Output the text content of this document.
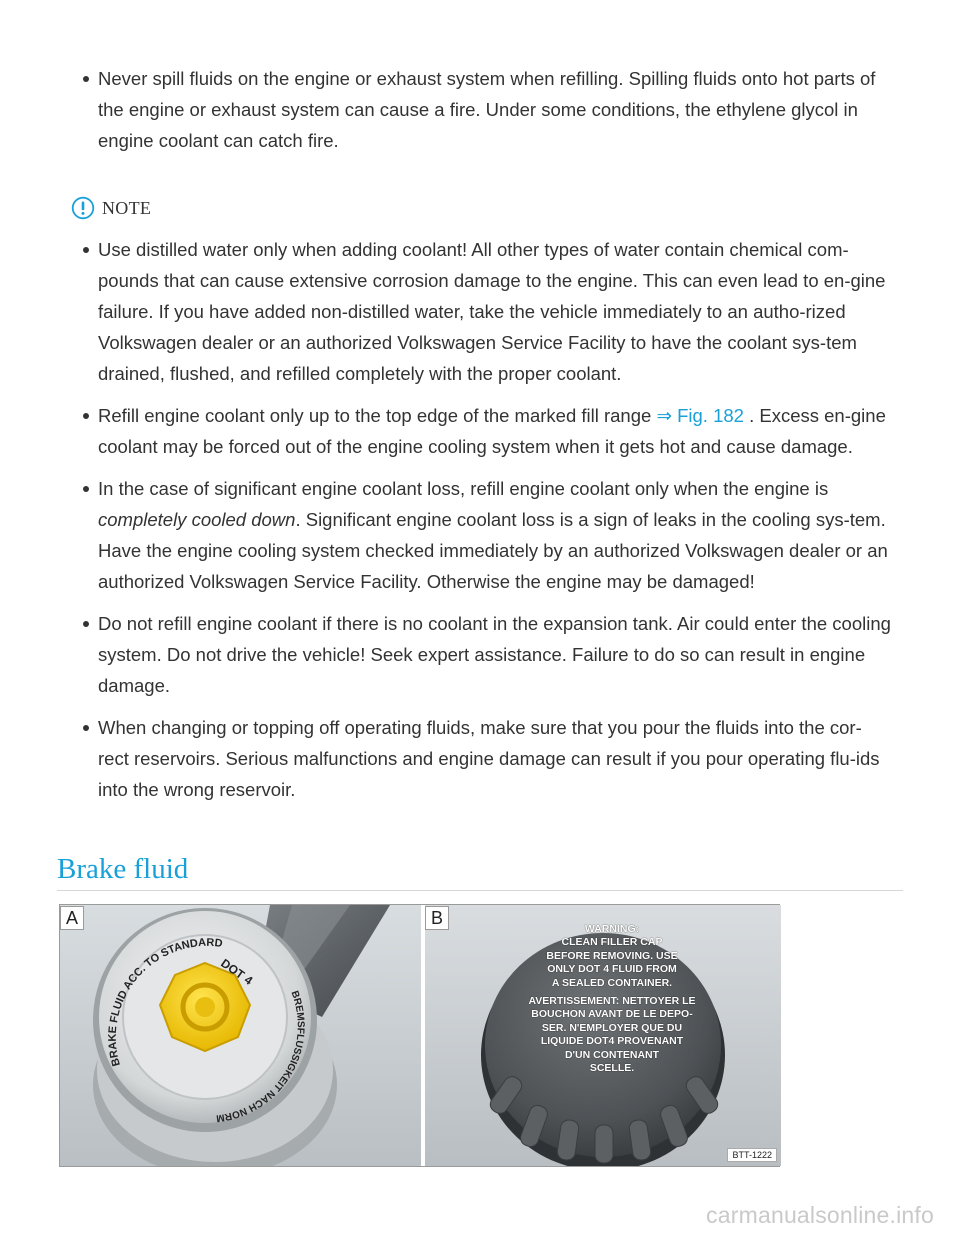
Never spill fluids on the engine or exhaust system when refilling. Spilling fluids onto hot parts of the engine or exhaust system can cause a fire. Under some conditions, the ethylene glycol in engine coolant can catch fire.
NOTE
Use distilled water only when adding coolant! All other types of water contain chemical com-pounds that can cause extensive corrosion damage to the engine. This can even lead to en-gine failure. If you have added non-distilled water, take the vehicle immediately to an autho-rized Volkswagen dealer or an authorized Volkswagen Service Facility to have the coolant sys-tem drained, flushed, and refilled completely with the proper coolant.
Refill engine coolant only up to the top edge of the marked fill range ⇒ Fig. 182 . Excess en-gine coolant may be forced out of the engine cooling system when it gets hot and cause damage.
In the case of significant engine coolant loss, refill engine coolant only when the engine is completely cooled down. Significant engine coolant loss is a sign of leaks in the cooling sys-tem. Have the engine cooling system checked immediately by an authorized Volkswagen dealer or an authorized Volkswagen Service Facility. Otherwise the engine may be damaged!
Do not refill engine coolant if there is no coolant in the expansion tank. Air could enter the cooling system. Do not drive the vehicle! Seek expert assistance. Failure to do so can result in engine damage.
When changing or topping off operating fluids, make sure that you pour the fluids into the cor-rect reservoirs. Serious malfunctions and engine damage can result if you pour operating flu-ids into the wrong reservoir.
Brake fluid
A
BRAKE FLUID ACC. TO STANDARD
BREMSFLUSSIGKEIT NACH NORM
DOT 4
B
WARNING:
CLEAN FILLER CAP
BEFORE REMOVING. USE
ONLY DOT 4 FLUID FROM
A SEALED CONTAINER.
AVERTISSEMENT: NETTOYER LE
BOUCHON AVANT DE LE DEPO-
SER. N'EMPLOYER QUE DU
LIQUIDE DOT4 PROVENANT
D'UN CONTENANT
SCELLE.
BTT-1222
carmanualsonline.info
